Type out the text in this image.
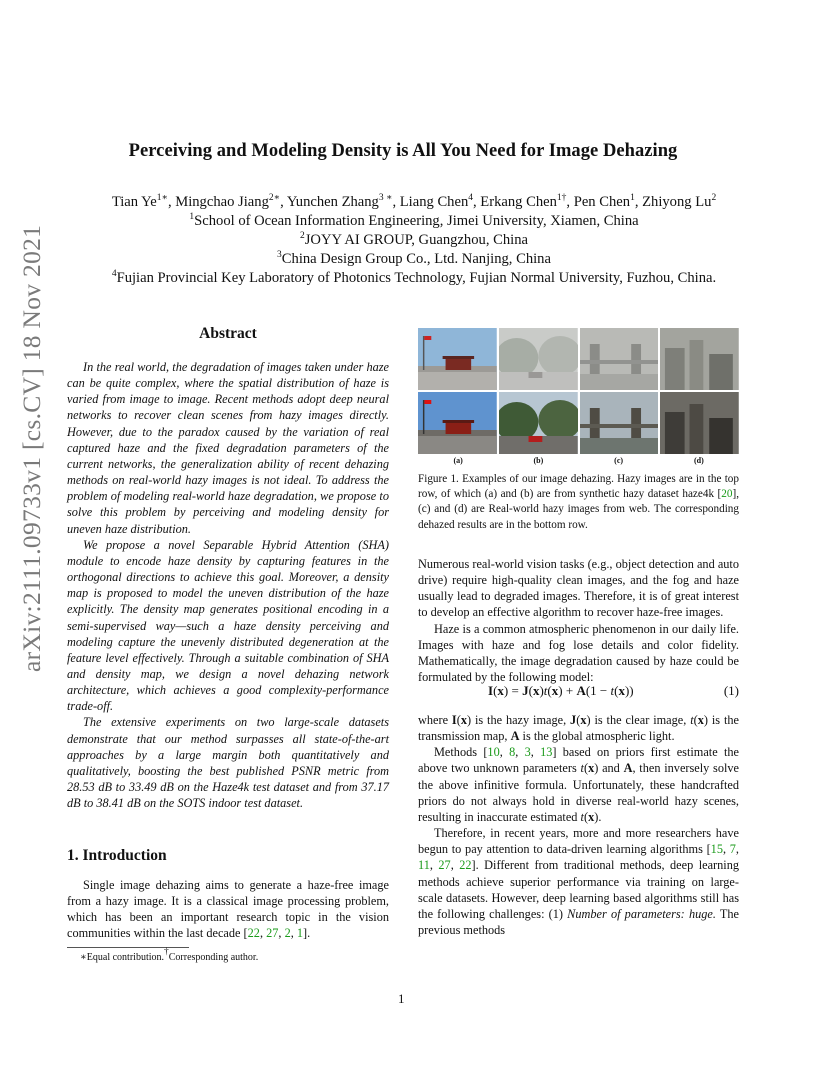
Perceiving and Modeling Density is All You Need for Image Dehazing
Tian $Ye^{1∗}$, Mingchao Jiang$^{2∗}$, Yunchen Zhang$^{3 ∗}$, Liang Chen$^4$, Erkang Chen$^{1\dagger}$, Pen Chen$^1$, Zhiyong Lu$^2$
$^1$School of Ocean Information Engineering, Jimei University, Xiamen, China
$^2$JOYY AI GROUP, Guangzhou, China
$^3$China Design Group Co., Ltd. Nanjing, China
$^4$Fujian Provincial Key Laboratory of Photonics Technology, Fujian Normal University, Fuzhou, China.
arXiv:2111.09733v1 [cs.CV] 18 Nov 2021	Abstract

In the real world, the degradation of images taken under haze can be quite complex, where the spatial distribution of haze is varied from image to image. Recent methods adopt deep neural networks to recover clean scenes from hazy images directly. However, due to the paradox caused by the variation of real captured haze and the fixed degradation parameters of the current networks, the generalization ability of recent dehazing methods on real-world hazy images is not ideal. To address the problem of modeling real-world haze degradation, we propose to solve this problem by perceiving and modeling density for uneven haze distribution.

We propose a novel Separable Hybrid Attention (SHA) module to encode haze density by capturing features in the orthogonal directions to achieve this goal. Moreover, a density map is proposed to model the uneven distribution of the haze explicitly. The density map generates positional encoding in a semi-supervised way—such a haze density perceiving and modeling capture the unevenly distributed degeneration at the feature level effectively. Through a suitable combination of SHA and density map, we design a novel dehazing network architecture, which achieves a good complexity-performance trade-off.

The extensive experiments on two large-scale datasets demonstrate that our method surpasses all state-of-the-art approaches by a large margin both quantitatively and qualitatively, boosting the best published PSNR metric from 28.53 dB to 33.49 dB on the Haze4k test dataset and from 37.17 dB to 38.41 dB on the SOTS indoor test dataset.

1. Introduction

Single image dehazing aims to generate a haze-free image from a hazy image. It is a classical image processing problem, which has been an important research topic in the vision communities within the last decade [22, 27, 2, 1].

∗Equal contribution.†Corresponding author.
(a)	(b)	(c)	(d)
Figure 1. Examples of our image dehazing. Hazy images are in the top row, of which (a) and (b) are from synthetic hazy dataset haze4k [20], (c) and (d) are Real-world hazy images from web. The corresponding dehazed results are in the bottom row.

Numerous real-world vision tasks (e.g., object detection and auto drive) require high-quality clean images, and the fog and haze usually lead to degraded images. Therefore, it is of great interest to develop an effective algorithm to recover haze-free images.

Haze is a common atmospheric phenomenon in our daily life. Images with haze and fog lose details and color fidelity. Mathematically, the image degradation caused by haze could be formulated by the following model:

I(x) = J(x)t(x) + A(1 − t(x))	(1)

where I(x) is the hazy image, J(x) is the clear image, t(x) is the transmission map, A is the global atmospheric light.

Methods [10, 8, 3, 13] based on priors first estimate the above two unknown parameters t(x) and A, then inversely solve the above infinitive formula. Unfortunately, these handcrafted priors do not always hold in diverse real-world hazy scenes, resulting in inaccurate estimated t(x).

Therefore, in recent years, more and more researchers have begun to pay attention to data-driven learning algorithms [15, 7, 11, 27, 22]. Different from traditional methods, deep learning methods achieve superior performance via training on large-scale datasets. However, deep learning based algorithms still has the following challenges: (1) Number of parameters: huge. The previous methods

1
